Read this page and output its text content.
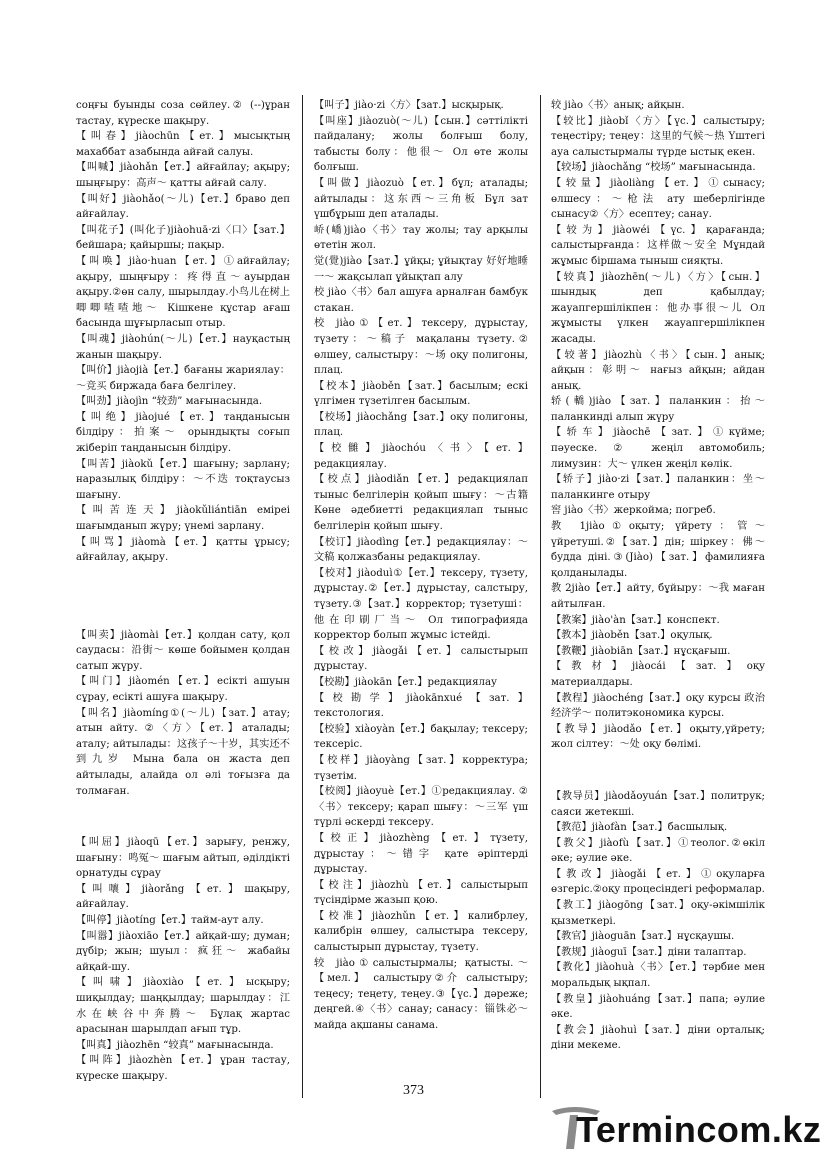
соңғы буынды соза сөйлеу.② (--)ұран тастау, күреске шақыру.

【叫春】jiàochūn【ет.】мысықтың махаббат азабында айғай салуы.

【叫喊】jiàohǎn【ет.】айғайлау; ақыру; шыңғыру：高声～ қатты айғай салу.

【叫好】jiàohǎo(～儿)【ет.】браво деп айғайлау.

【叫花子】(叫化子)jiàohuā·zi〈口〉【зат.】бейшара; қайыршы; пақыр.

【叫唤】jiào·huan【ет.】①айғайлау; ақыру, шыңғыру：疼得直～ауырдан ақыру.②өн салу, шырылдау.小鸟儿在树上唧唧喳喳地～ Кішкене құстар ағаш басында шұғырласып отыр.

【叫魂】jiàohún(～儿)【ет.】науқастың жанын шақыру.

【叫价】jiàojià【ет.】бағаны жариялау：～竞买 биржада баға белгілеу.

【叫劲】jiàojìn “较劲” мағынасында.

【叫绝】jiàojué【ет.】таңданысын білдіру：拍案～ орындықты соғып жіберіп таңданысын білдіру.

【叫苦】jiàokǔ【ет.】шағыну; зарлану; наразылық білдіру：～不迭 тоқтаусыз шағыну.

【叫苦连天】jiàokǔliántiān еміреі шағымданып жүру; үнемі зарлану.

【叫骂】jiàomà【ет.】қатты ұрысу; айғайлау, ақыру.

【叫卖】jiàomài【ет.】қолдан сату, қол саудасы：沿街～ көше бойымен қолдан сатып жүру.

【叫门】jiàomén【ет.】есікті ашуын сұрау, есікті ашуға шақыру.

【叫名】jiàomíng①(～儿)【зат.】атау; атын айту. ②〈方〉【ет.】аталады; аталу; айтылады：这孩子～十岁，其实还不到九岁 Мына бала он жаста деп айтылады, алайда ол әлі тоғызға да толмаған.

【叫屈】jiàoqū【ет.】зарығу, ренжу, шағыну：鸣冤～ шағым айтып, әділдікті орнатуды сұрау

【叫嚷】jiàorǎng【ет.】шақыру, айғайлау.

【叫停】jiàotíng【ет.】тайм-аут алу.

【叫嚣】jiàoxiāo【ет.】айқай-шу; думан; дүбір; жын; шуыл：疯狂～ жабайы айқай-шу.

【叫啸】jiàoxiào【ет.】ысқыру; шиқылдау; шаңқылдау; шарылдау：江水在峡谷中奔腾～ Бұлақ жартас арасынан шарылдап ағып тұр.

【叫真】jiàozhēn “较真” мағынасында.

【叫阵】jiàozhèn【ет.】ұран тастау, күреске шақыру.

【叫子】jiào·zi〈方〉【зат.】ысқырық.

【叫座】jiàozuò(～儿)【сын.】сәттілікті пайдалану; жолы болғыш болу, табысты болу：他很～ Ол өте жолы болғыш.

【叫做】jiàozuò【ет.】бұл; аталады; айтылады：这东西～三角板 Бұл зат үшбұрыш деп аталады.

峤(嶠)jiào〈书〉тау жолы; тау арқылы өтетін жол.

觉(覺)jiào【зат.】ұйқы; ұйықтау 好好地睡一～ жақсылап ұйықтап алу

校 jiào〈书〉бал ашуға арналған бамбук стакан.

校 jiào①【ет.】тексеру, дұрыстау, түзету：～稿子 мақаланы түзету.② өлшеу, салыстыру：～场 оқу полигоны, плац.

【校本】jiàoběn【зат.】басылым; ескі үлгімен түзетілген басылым.

【校场】jiàochǎng【зат.】оқу полигоны, плац.

【校雠】jiàochóu〈书〉【ет.】редакциялау.

【校点】jiàodiǎn【ет.】редакциялап тыныс белгілерін қойып шығу：～古籍 Көне әдебиетті редакциялап тыныс белгілерін қойып шығу.

【校订】jiàodìng【ет.】редакциялау：～文稿 қолжазбаны редакциялау.

【校对】jiàoduì①【ет.】тексеру, түзету, дұрыстау.②【ет.】дұрыстау, салстыру, түзету.③【зат.】корректор; түзетуші：他在印刷厂当～ Ол типографияда корректор болып жұмыс істейді.

【校改】jiàogǎi【ет.】салыстырып дұрыстау.

【校勘】jiàokān【ет.】редакциялау

【校勘学】jiàokānxué【зат.】текстология.

【校验】xiàoyàn【ет.】бақылау; тексеру; тексеріс.

【校样】jiàoyàng【зат.】корректура; түзетім.

【校阅】jiàoyuè【ет.】①редакциялау. ②〈书〉тексеру; қарап шығу：～三军 үш түрлі әскерді тексеру.

【校正】jiàozhèng【ет.】түзету, дұрыстау：～错字 қате әріптерді дұрыстау.

【校注】jiàozhù【ет.】салыстырып түсіндірме жазып қою.

【校准】jiàozhǔn【ет.】калибрлеу, калибрін өлшеу, салыстыра тексеру, салыстырып дұрыстау, түзету.

较 jiào①салыстырмалы; қатысты.～【мел.】 салыстыру②介 салыстыру; теңесу; теңету, теңеу.③【үс.】дәреже; деңгей.④〈书〉санау; санасу：锱铢必～ майда ақшаны санама.

较 jiào〈书〉анық; айқын.

【较比】jiàobǐ〈方〉【үс.】салыстыру; теңестіру; теңеу：这里的气候～热 Үштегі ауа салыстырмалы түрде ыстық екен.

【较场】jiàochǎng “校场” мағынасында.

【较量】jiàoliàng【ет.】①сынасу; өлшесу：～枪法 ату шеберлігінде сынасу②〈方〉есептеу; санау.

【较为】jiàowéi【үс.】қарағанда; салыстырғанда：这样做～安全 Мұндай жұмыс біршама тыныш сияқты.

【较真】jiàozhēn(～儿)〈方〉【сын.】шындық деп қабылдау; жауапгершілікпен：他办事很～儿 Ол жұмысты үлкен жауапгершілікпен жасады.

【较著】jiàozhù〈书〉【сын.】анық; айқын：彰明～ нағыз айқын; айдан анық.

轿(轎)jiào【зат.】паланкин：抬～ паланкинді алып жүру

【轿车】jiàochē【зат.】①күйме; пәуеске. ② жеңіл автомобиль; лимузин：大～ үлкен жеңіл көлік.

【轿子】jiào·zi【зат.】паланкин：坐～ паланкинге отыру

窖 jiào〈书〉жеркойма; погреб.

教 1jiào①оқыту; үйрету：管～ үйретуші.②【зат.】дін; шіркеу：佛～ будда діні.③(Jiào)【зат.】фамилияға қолданылады.

教 2jiào【ет.】айту, бұйыру：～我 маған айтылған.

【教案】jiào'àn【зат.】конспект.

【教本】jiàoběn【зат.】оқулық.

【教鞭】jiàobiān【зат.】нұсқағыш.

【教材】jiàocái【зат.】оқу материалдары.

【教程】jiàochéng【зат.】оқу курсы 政治经济学～ политэкономика курсы.

【教导】jiàodǎo【ет.】оқыту,үйрету; жол сілтеу：～处 оқу бөлімі.

【教导员】jiàodǎoyuán【зат.】политрук; саяси жетекші.

【教范】jiàofàn【зат.】басшылық.

【教父】jiàofù【зат.】①теолог.②өкіл әке; әулие әке.

【教改】jiàogǎi【ет.】①оқуларға өзгеріс.②оқу процесіндегі реформалар.

【教工】jiàogōng【зат.】оқу-әкімшілік қызметкері.

【教官】jiàoguān【зат.】нұсқаушы.

【教规】jiàoguī【зат.】діни талаптар.

【教化】jiàohuà〈书〉【ет.】тәрбие мен моральдық ықпал.

【教皇】jiàohuáng【зат.】папа; әулие әке.

【教会】jiàohuì【зат.】діни орталық; діни мекеме.

373
Termincom.kz
